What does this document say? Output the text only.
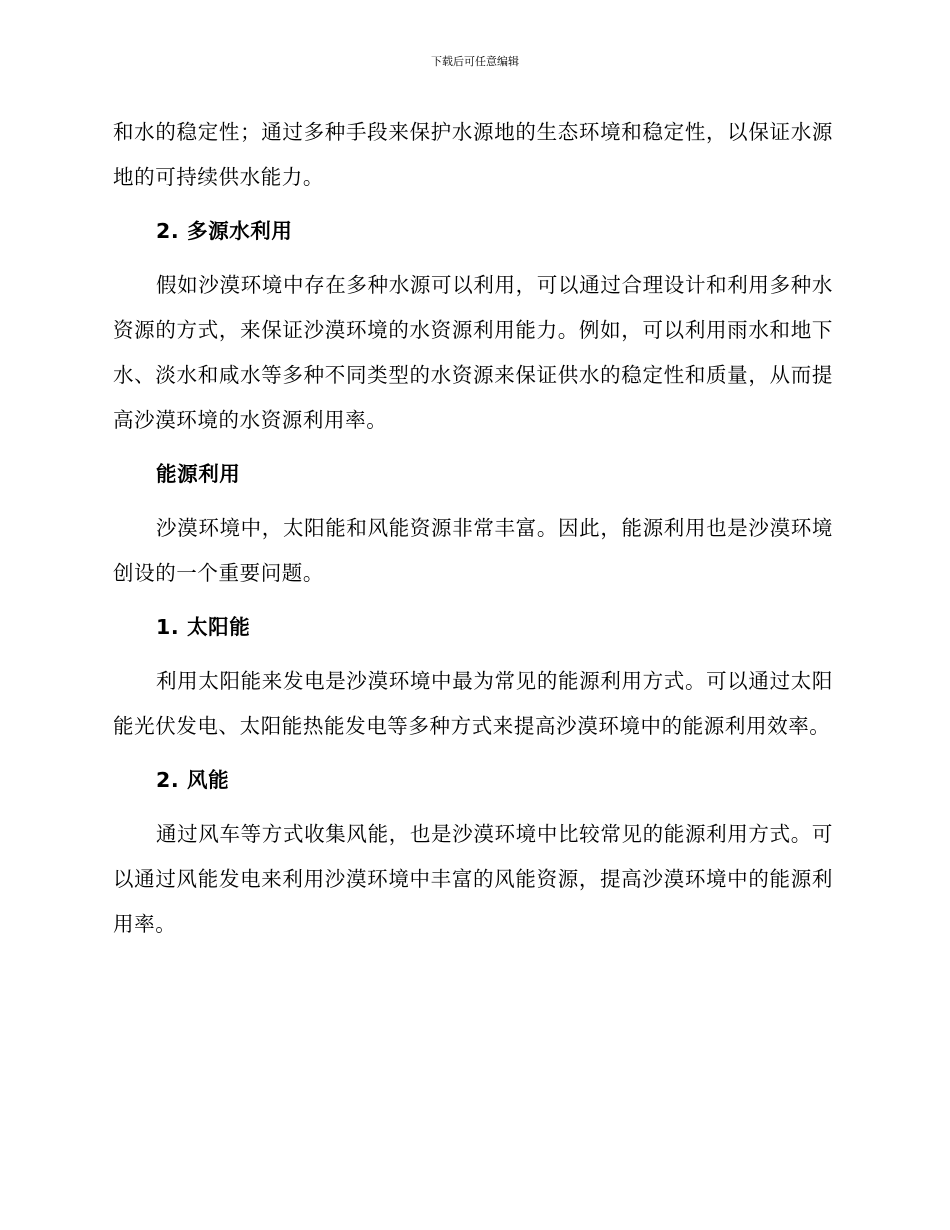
下载后可任意编辑

和水的稳定性；通过多种手段来保护水源地的生态环境和稳定性，以保证水源地的可持续供水能力。

2. 多源水利用

假如沙漠环境中存在多种水源可以利用，可以通过合理设计和利用多种水资源的方式，来保证沙漠环境的水资源利用能力。例如，可以利用雨水和地下水、淡水和咸水等多种不同类型的水资源来保证供水的稳定性和质量，从而提高沙漠环境的水资源利用率。

能源利用

沙漠环境中，太阳能和风能资源非常丰富。因此，能源利用也是沙漠环境创设的一个重要问题。

1. 太阳能

利用太阳能来发电是沙漠环境中最为常见的能源利用方式。可以通过太阳能光伏发电、太阳能热能发电等多种方式来提高沙漠环境中的能源利用效率。

2. 风能

通过风车等方式收集风能，也是沙漠环境中比较常见的能源利用方式。可以通过风能发电来利用沙漠环境中丰富的风能资源，提高沙漠环境中的能源利用率。
